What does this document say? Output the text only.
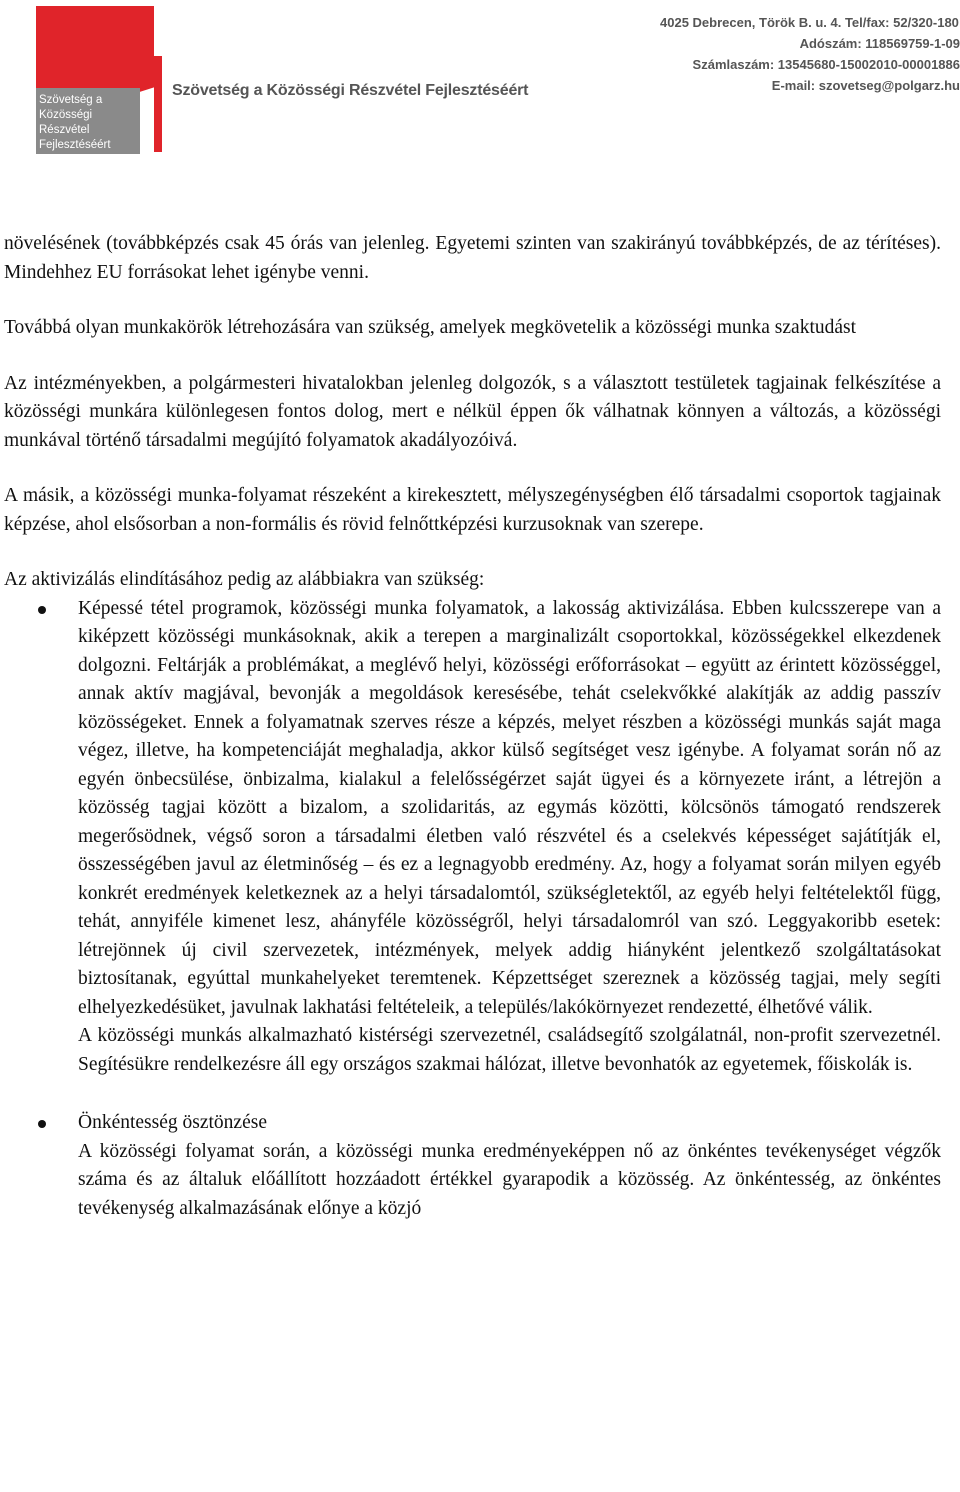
Szövetség a
Közösségi Részvétel
Fejlesztéséért
Szövetség a Közösségi Részvétel Fejlesztéséért
4025 Debrecen, Török B. u. 4. Tel/fax: 52/320-180
Adószám: 118569759-1-09
Számlaszám: 13545680-15002010-00001886
E-mail: szovetseg@polgarz.hu

növelésének (továbbképzés csak 45 órás van jelenleg. Egyetemi szinten van szakirányú továbbképzés, de az térítéses). Mindehhez EU forrásokat lehet igénybe venni.

Továbbá olyan munkakörök létrehozására van szükség, amelyek megkövetelik a közösségi munka szaktudást

Az intézményekben, a polgármesteri hivatalokban jelenleg dolgozók, s a választott testületek tagjainak felkészítése a közösségi munkára különlegesen fontos dolog, mert e nélkül éppen ők válhatnak könnyen a változás, a közösségi munkával történő társadalmi megújító folyamatok akadályozóivá.

A másik, a közösségi munka-folyamat részeként a kirekesztett, mélyszegénységben élő társadalmi csoportok tagjainak képzése, ahol elsősorban a non-formális és rövid felnőttképzési kurzusoknak van szerepe.

Az aktivizálás elindításához pedig az alábbiakra van szükség:

Képessé tétel programok, közösségi munka folyamatok, a lakosság aktivizálása. Ebben kulcsszerepe van a kiképzett közösségi munkásoknak, akik a terepen a marginalizált csoportokkal, közösségekkel elkezdenek dolgozni. Feltárják a problémákat, a meglévő helyi, közösségi erőforrásokat – együtt az érintett közösséggel, annak aktív magjával, bevonják a megoldások keresésébe, tehát cselekvőkké alakítják az addig passzív közösségeket. Ennek a folyamatnak szerves része a képzés, melyet részben a közösségi munkás saját maga végez, illetve, ha kompetenciáját meghaladja, akkor külső segítséget vesz igénybe. A folyamat során nő az egyén önbecsülése, önbizalma, kialakul a felelősségérzet saját ügyei és a környezete iránt, a létrejön a közösség tagjai között a bizalom, a szolidaritás, az egymás közötti, kölcsönös támogató rendszerek megerősödnek, végső soron a társadalmi életben való részvétel és a cselekvés képességet sajátítják el, összességében javul az életminőség – és ez a legnagyobb eredmény. Az, hogy a folyamat során milyen egyéb konkrét eredmények keletkeznek az a helyi társadalomtól, szükségletektől, az egyéb helyi feltételektől függ, tehát, annyiféle kimenet lesz, ahányféle közösségről, helyi társadalomról van szó. Leggyakoribb esetek: létrejönnek új civil szervezetek, intézmények, melyek addig hiányként jelentkező szolgáltatásokat biztosítanak, egyúttal munkahelyeket teremtenek. Képzettséget szereznek a közösség tagjai, mely segíti elhelyezkedésüket, javulnak lakhatási feltételeik, a település/lakókörnyezet rendezetté, élhetővé válik.

A közösségi munkás alkalmazható kistérségi szervezetnél, családsegítő szolgálatnál, non-profit szervezetnél. Segítésükre rendelkezésre áll egy országos szakmai hálózat, illetve bevonhatók az egyetemek, főiskolák is.

Önkéntesség ösztönzése

A közösségi folyamat során, a közösségi munka eredményeképpen nő az önkéntes tevékenységet végzők száma és az általuk előállított hozzáadott értékkel gyarapodik a közösség. Az önkéntesség, az önkéntes tevékenység alkalmazásának előnye a közjó
